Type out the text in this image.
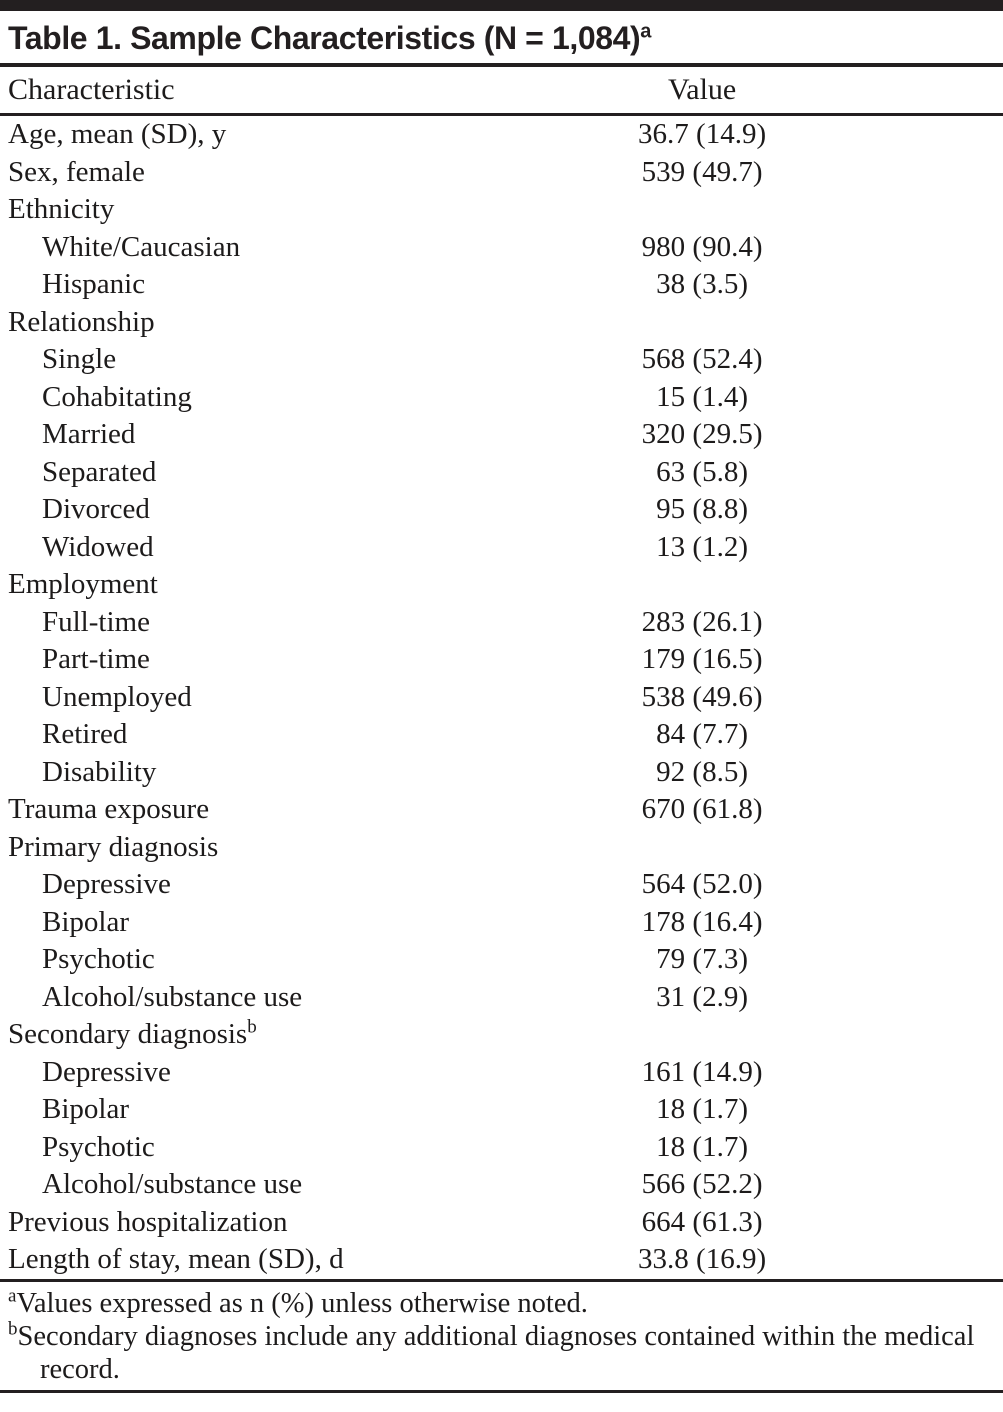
Table 1. Sample Characteristics (N = 1,084)$^a$
Characteristic	Value
Age, mean (SD), y	36.7 (14.9)
Sex, female	539 (49.7)
Ethnicity	
White/Caucasian	980 (90.4)
Hispanic	38 (3.5)
Relationship	
Single	568 (52.4)
Cohabitating	15 (1.4)
Married	320 (29.5)
Separated	63 (5.8)
Divorced	95 (8.8)
Widowed	13 (1.2)
Employment	
Full-time	283 (26.1)
Part-time	179 (16.5)
Unemployed	538 (49.6)
Retired	84 (7.7)
Disability	92 (8.5)
Trauma exposure	670 (61.8)
Primary diagnosis	
Depressive	564 (52.0)
Bipolar	178 (16.4)
Psychotic	79 (7.3)
Alcohol/substance use	31 (2.9)
Secondary diagnosis$^b$	
Depressive	161 (14.9)
Bipolar	18 (1.7)
Psychotic	18 (1.7)
Alcohol/substance use	566 (52.2)
Previous hospitalization	664 (61.3)
Length of stay, mean (SD), d	33.8 (16.9)
$^a$Values expressed as n (%) unless otherwise noted.
$^b$Secondary diagnoses include any additional diagnoses contained within the medical record.
